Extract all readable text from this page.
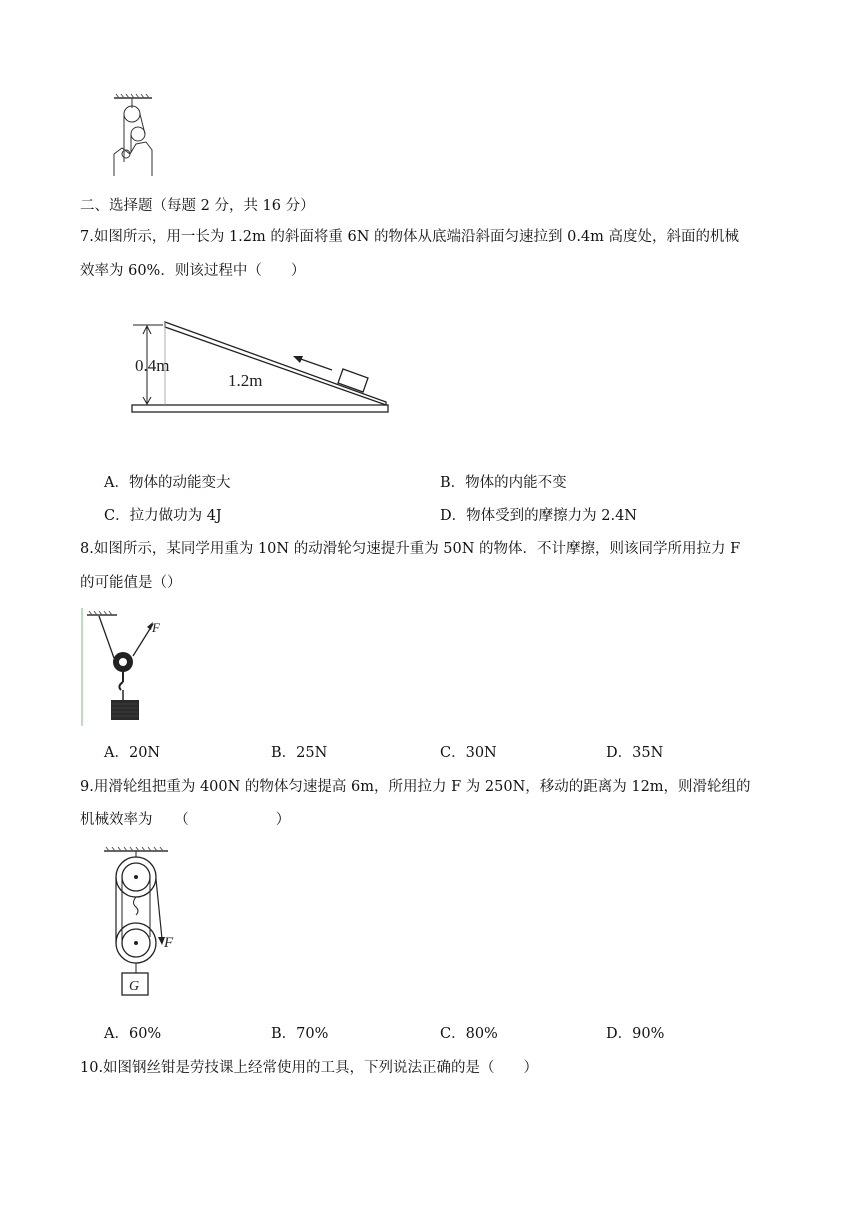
二、选择题（每题 2 分，共 16 分）
7.如图所示，用一长为 1.2m 的斜面将重 6N 的物体从底端沿斜面匀速拉到 0.4m 高度处，斜面的机械
效率为 60%．则该过程中（　　）
0.4m
1.2m
A．物体的动能变大	B．物体的内能不变
C．拉力做功为 4J	D．物体受到的摩擦力为 2.4N
8.如图所示，某同学用重为 10N 的动滑轮匀速提升重为 50N 的物体．不计摩擦，则该同学所用拉力 F
的可能值是（）
F
A．20N	B．25N	C．30N	D．35N
9.用滑轮组把重为 400N 的物体匀速提高 6m，所用拉力 F 为 250N，移动的距离为 12m，则滑轮组的
机械效率为　　（　　　　　　）
F
G
A．60%	B．70%	C．80%	D．90%
10.如图钢丝钳是劳技课上经常使用的工具，下列说法正确的是（　　）
